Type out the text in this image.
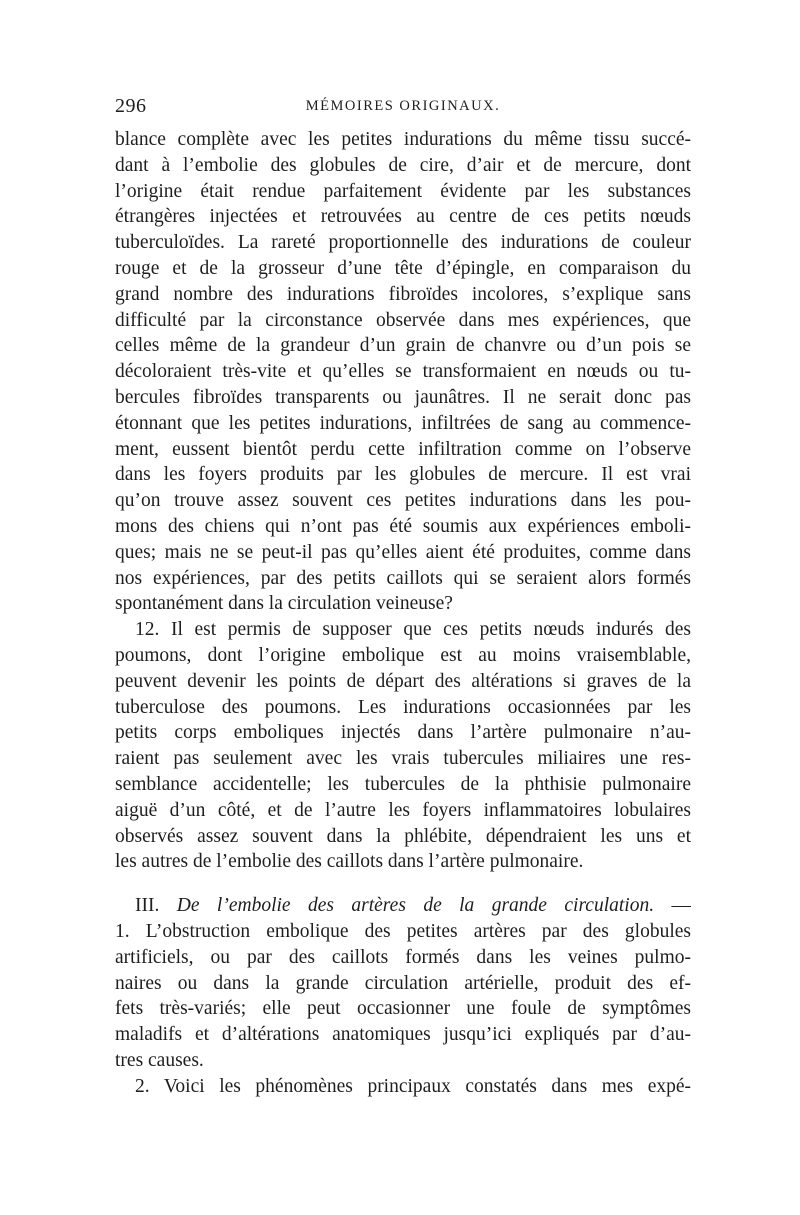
296	MÉMOIRES ORIGINAUX.
blance complète avec les petites indurations du même tissu succé-
dant à l’embolie des globules de cire, d’air et de mercure, dont
l’origine était rendue parfaitement évidente par les substances
étrangères injectées et retrouvées au centre de ces petits nœuds
tuberculoïdes. La rareté proportionnelle des indurations de couleur
rouge et de la grosseur d’une tête d’épingle, en comparaison du
grand nombre des indurations fibroïdes incolores, s’explique sans
difficulté par la circonstance observée dans mes expériences, que
celles même de la grandeur d’un grain de chanvre ou d’un pois se
décoloraient très-vite et qu’elles se transformaient en nœuds ou tu-
bercules fibroïdes transparents ou jaunâtres. Il ne serait donc pas
étonnant que les petites indurations, infiltrées de sang au commence-
ment, eussent bientôt perdu cette infiltration comme on l’observe
dans les foyers produits par les globules de mercure. Il est vrai
qu’on trouve assez souvent ces petites indurations dans les pou-
mons des chiens qui n’ont pas été soumis aux expériences emboli-
ques; mais ne se peut-il pas qu’elles aient été produites, comme dans
nos expériences, par des petits caillots qui se seraient alors formés
spontanément dans la circulation veineuse?
12. Il est permis de supposer que ces petits nœuds indurés des
poumons, dont l’origine embolique est au moins vraisemblable,
peuvent devenir les points de départ des altérations si graves de la
tuberculose des poumons. Les indurations occasionnées par les
petits corps emboliques injectés dans l’artère pulmonaire n’au-
raient pas seulement avec les vrais tubercules miliaires une res-
semblance accidentelle; les tubercules de la phthisie pulmonaire
aiguë d’un côté, et de l’autre les foyers inflammatoires lobulaires
observés assez souvent dans la phlébite, dépendraient les uns et
les autres de l’embolie des caillots dans l’artère pulmonaire.
III. De l’embolie des artères de la grande circulation. —
1. L’obstruction embolique des petites artères par des globules
artificiels, ou par des caillots formés dans les veines pulmo-
naires ou dans la grande circulation artérielle, produit des ef-
fets très-variés; elle peut occasionner une foule de symptômes
maladifs et d’altérations anatomiques jusqu’ici expliqués par d’au-
tres causes.
2. Voici les phénomènes principaux constatés dans mes expé-
